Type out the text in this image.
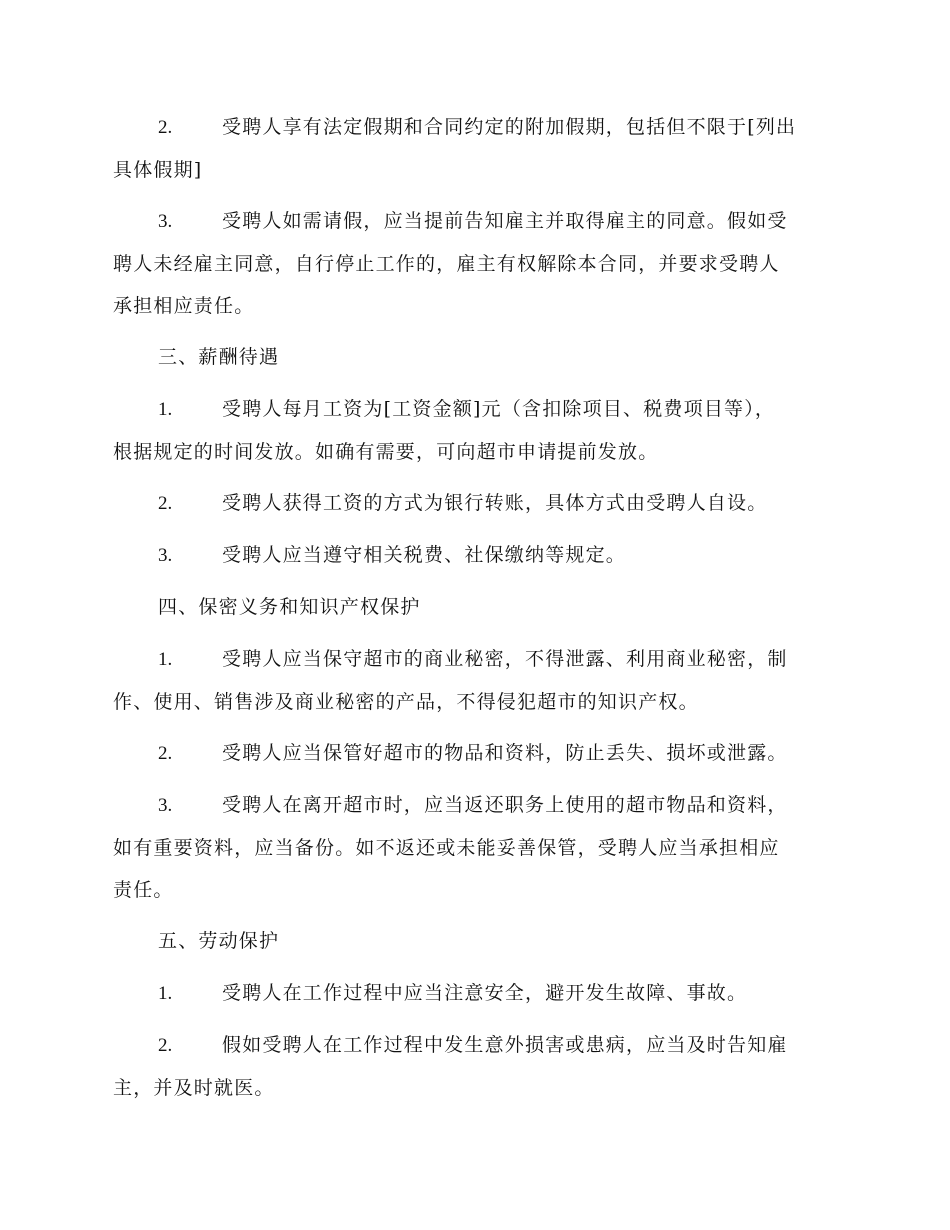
2.	受聘人享有法定假期和合同约定的附加假期，包括但不限于[列出
具体假期]
3.	受聘人如需请假，应当提前告知雇主并取得雇主的同意。假如受
聘人未经雇主同意，自行停止工作的，雇主有权解除本合同，并要求受聘人
承担相应责任。
三、薪酬待遇
1.	受聘人每月工资为[工资金额]元（含扣除项目、税费项目等），
根据规定的时间发放。如确有需要，可向超市申请提前发放。
2.	受聘人获得工资的方式为银行转账，具体方式由受聘人自设。
3.	受聘人应当遵守相关税费、社保缴纳等规定。
四、保密义务和知识产权保护
1.	受聘人应当保守超市的商业秘密，不得泄露、利用商业秘密，制
作、使用、销售涉及商业秘密的产品，不得侵犯超市的知识产权。
2.	受聘人应当保管好超市的物品和资料，防止丢失、损坏或泄露。
3.	受聘人在离开超市时，应当返还职务上使用的超市物品和资料，
如有重要资料，应当备份。如不返还或未能妥善保管，受聘人应当承担相应
责任。
五、劳动保护
1.	受聘人在工作过程中应当注意安全，避开发生故障、事故。
2.	假如受聘人在工作过程中发生意外损害或患病，应当及时告知雇
主，并及时就医。
